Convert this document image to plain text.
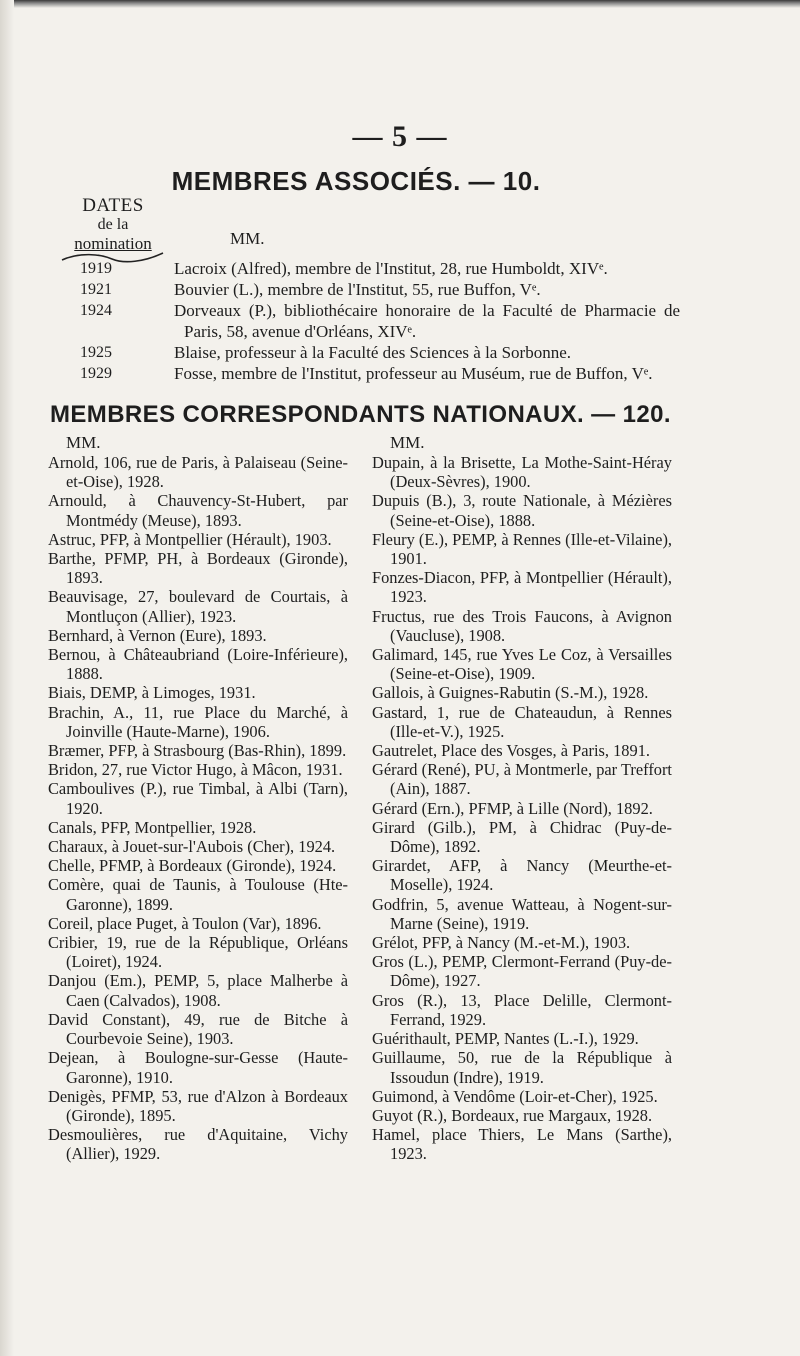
— 5 —
MEMBRES ASSOCIÉS. — 10.
DATES
de la
nomination	MM.
1919	Lacroix (Alfred), membre de l'Institut, 28, rue Humboldt, XIVᵉ.
1921	Bouvier (L.), membre de l'Institut, 55, rue Buffon, Vᵉ.
1924	Dorveaux (P.), bibliothécaire honoraire de la Faculté de Pharmacie de Paris, 58, avenue d'Orléans, XIVᵉ.
1925	Blaise, professeur à la Faculté des Sciences à la Sorbonne.
1929	Fosse, membre de l'Institut, professeur au Muséum, rue de Buffon, Vᵉ.
MEMBRES CORRESPONDANTS NATIONAUX. — 120.
MM.
Arnold, 106, rue de Paris, à Palaiseau (Seine-et-Oise), 1928.
Arnould, à Chauvency-St-Hubert, par Montmédy (Meuse), 1893.
Astruc, PFP, à Montpellier (Hérault), 1903.
Barthe, PFMP, PH, à Bordeaux (Gironde), 1893.
Beauvisage, 27, boulevard de Courtais, à Montluçon (Allier), 1923.
Bernhard, à Vernon (Eure), 1893.
Bernou, à Châteaubriand (Loire-Inférieure), 1888.
Biais, DEMP, à Limoges, 1931.
Brachin, A., 11, rue Place du Marché, à Joinville (Haute-Marne), 1906.
Bræmer, PFP, à Strasbourg (Bas-Rhin), 1899.
Bridon, 27, rue Victor Hugo, à Mâcon, 1931.
Camboulives (P.), rue Timbal, à Albi (Tarn), 1920.
Canals, PFP, Montpellier, 1928.
Charaux, à Jouet-sur-l'Aubois (Cher), 1924.
Chelle, PFMP, à Bordeaux (Gironde), 1924.
Comère, quai de Taunis, à Toulouse (Hte-Garonne), 1899.
Coreil, place Puget, à Toulon (Var), 1896.
Cribier, 19, rue de la République, Orléans (Loiret), 1924.
Danjou (Em.), PEMP, 5, place Malherbe à Caen (Calvados), 1908.
David Constant), 49, rue de Bitche à Courbevoie Seine), 1903.
Dejean, à Boulogne-sur-Gesse (Haute-Garonne), 1910.
Denigès, PFMP, 53, rue d'Alzon à Bordeaux (Gironde), 1895.
Desmoulières, rue d'Aquitaine, Vichy (Allier), 1929.
MM.
Dupain, à la Brisette, La Mothe-Saint-Héray (Deux-Sèvres), 1900.
Dupuis (B.), 3, route Nationale, à Mézières (Seine-et-Oise), 1888.
Fleury (E.), PEMP, à Rennes (Ille-et-Vilaine), 1901.
Fonzes-Diacon, PFP, à Montpellier (Hérault), 1923.
Fructus, rue des Trois Faucons, à Avignon (Vaucluse), 1908.
Galimard, 145, rue Yves Le Coz, à Versailles (Seine-et-Oise), 1909.
Gallois, à Guignes-Rabutin (S.-M.), 1928.
Gastard, 1, rue de Chateaudun, à Rennes (Ille-et-V.), 1925.
Gautrelet, Place des Vosges, à Paris, 1891.
Gérard (René), PU, à Montmerle, par Treffort (Ain), 1887.
Gérard (Ern.), PFMP, à Lille (Nord), 1892.
Girard (Gilb.), PM, à Chidrac (Puy-de-Dôme), 1892.
Girardet, AFP, à Nancy (Meurthe-et-Moselle), 1924.
Godfrin, 5, avenue Watteau, à Nogent-sur-Marne (Seine), 1919.
Grélot, PFP, à Nancy (M.-et-M.), 1903.
Gros (L.), PEMP, Clermont-Ferrand (Puy-de-Dôme), 1927.
Gros (R.), 13, Place Delille, Clermont-Ferrand, 1929.
Guérithault, PEMP, Nantes (L.-I.), 1929.
Guillaume, 50, rue de la République à Issoudun (Indre), 1919.
Guimond, à Vendôme (Loir-et-Cher), 1925.
Guyot (R.), Bordeaux, rue Margaux, 1928.
Hamel, place Thiers, Le Mans (Sarthe), 1923.
